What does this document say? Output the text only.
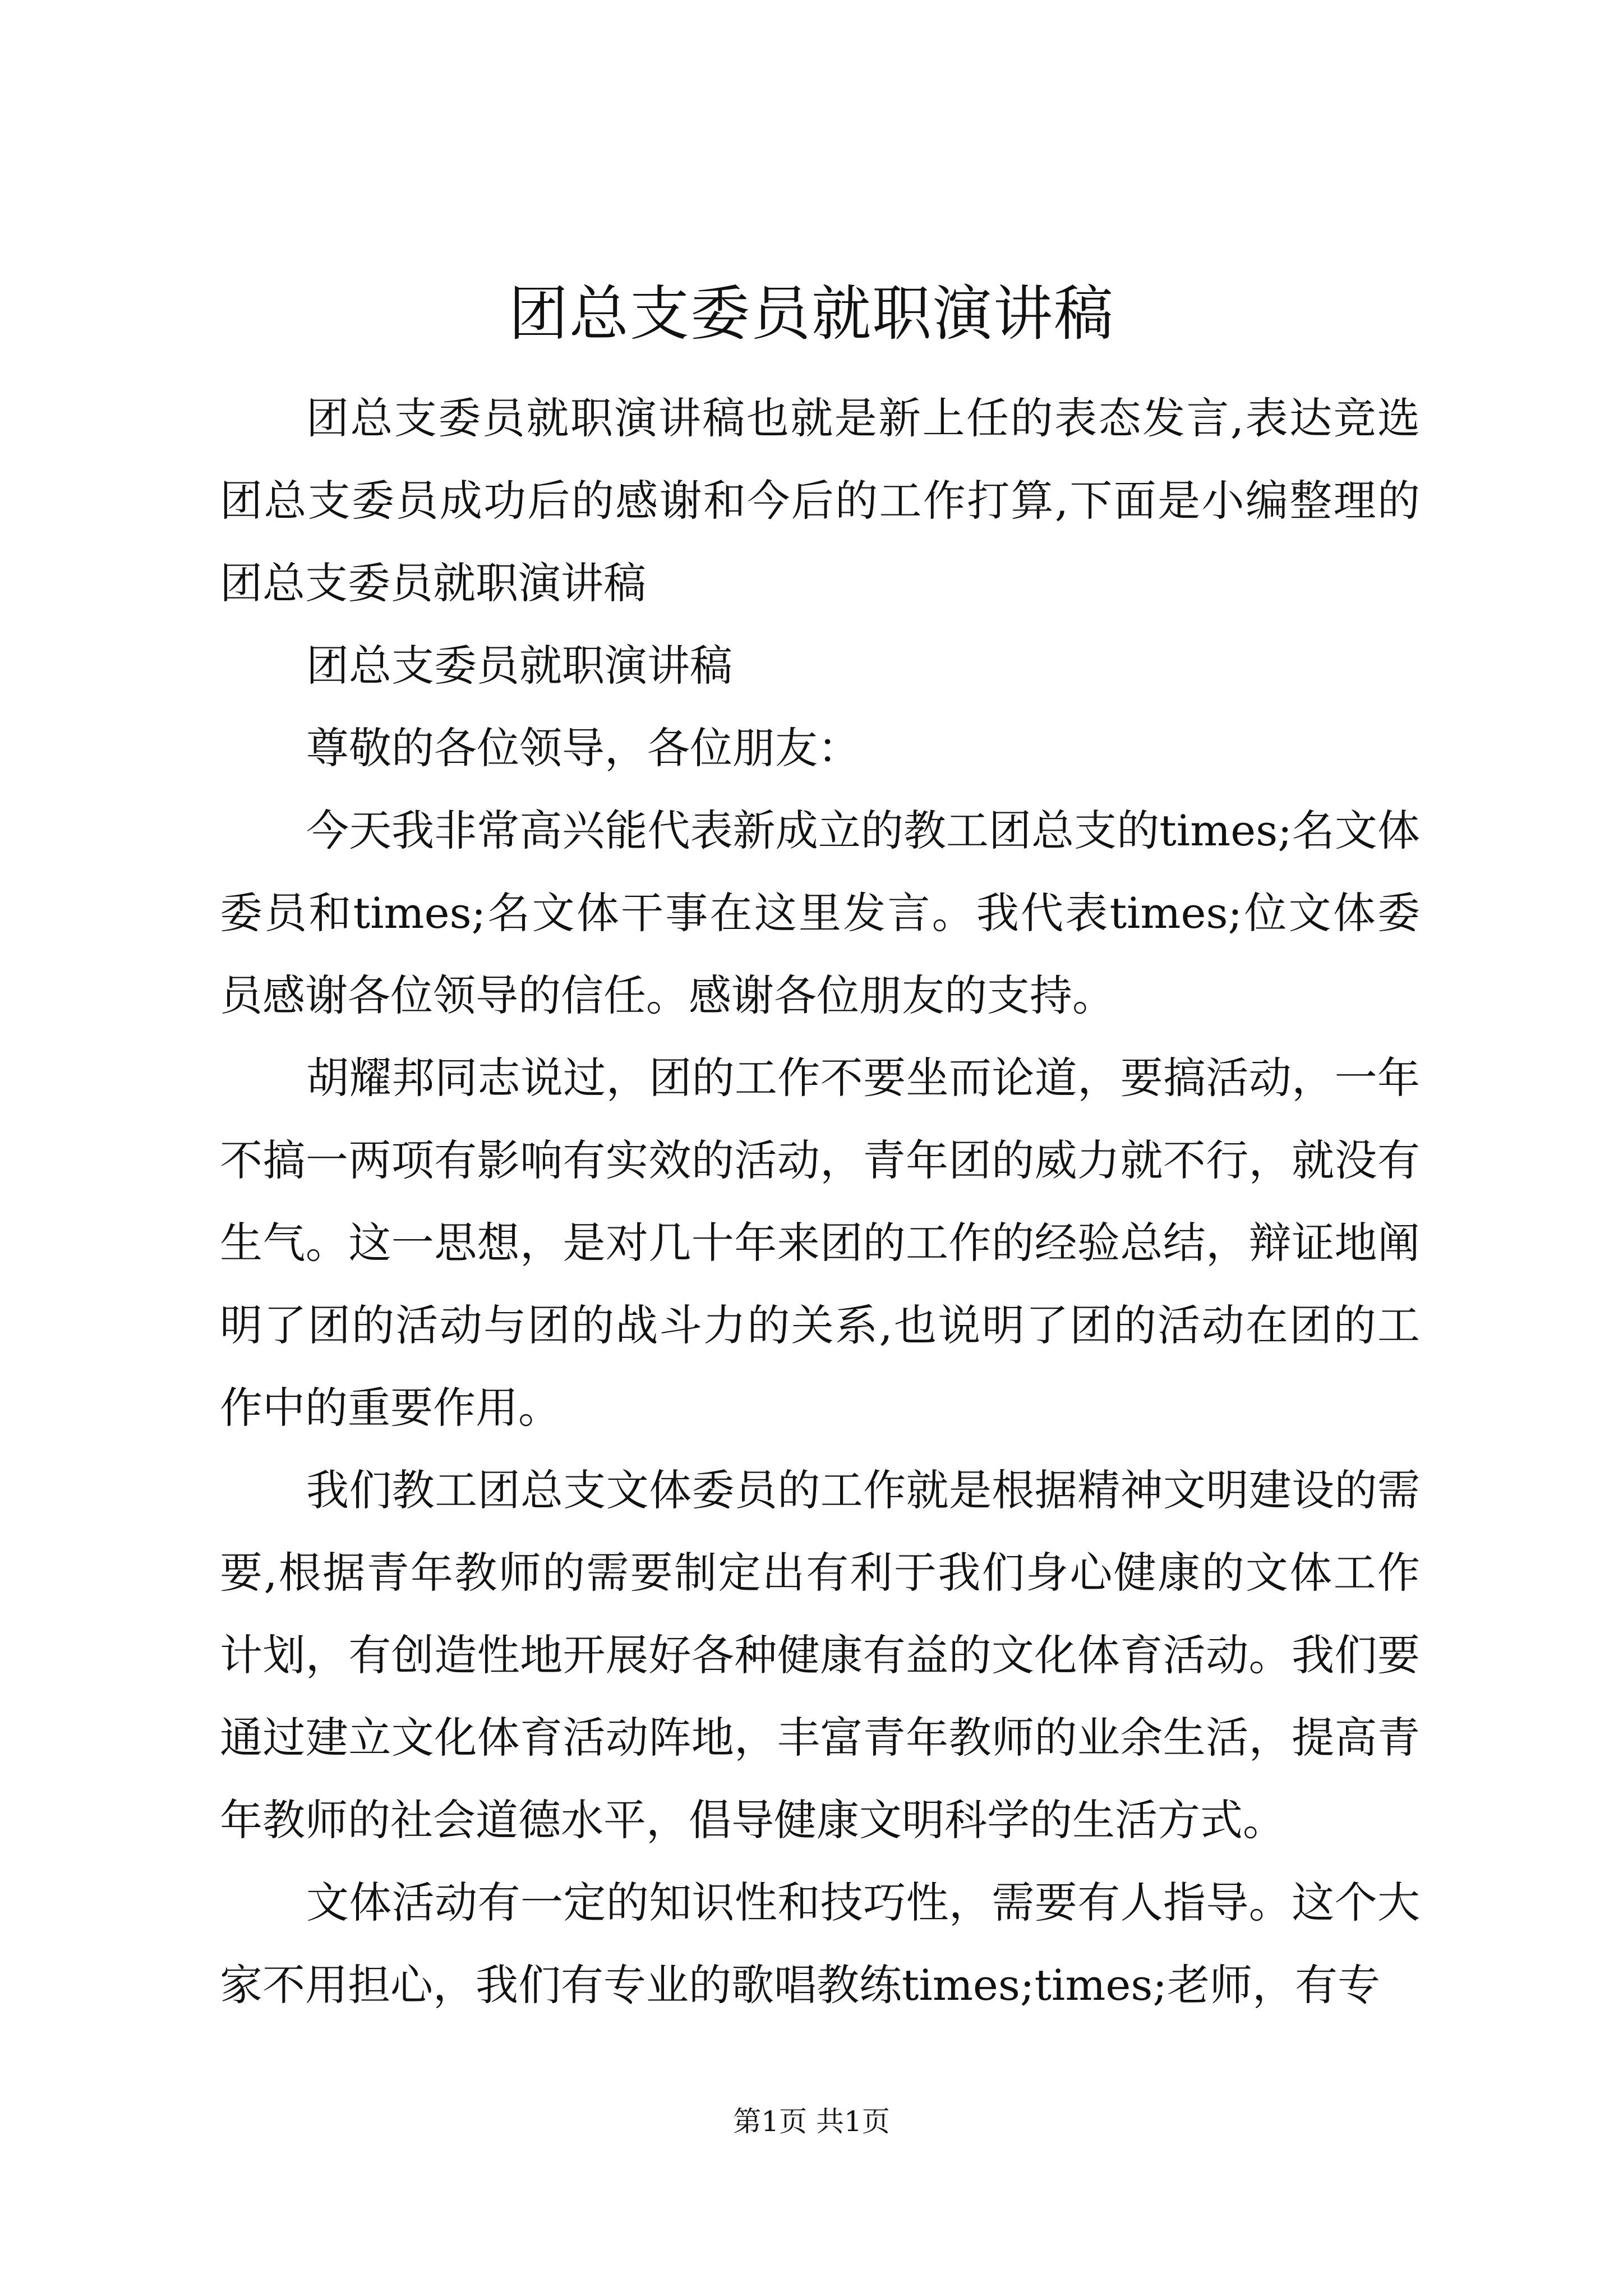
团总支委员就职演讲稿

团总支委员就职演讲稿也就是新上任的表态发言,表达竞选团总支委员成功后的感谢和今后的工作打算,下面是小编整理的团总支委员就职演讲稿

团总支委员就职演讲稿

尊敬的各位领导，各位朋友：

今天我非常高兴能代表新成立的教工团总支的times;名文体委员和times;名文体干事在这里发言。我代表times;位文体委员感谢各位领导的信任。感谢各位朋友的支持。

胡耀邦同志说过，团的工作不要坐而论道，要搞活动，一年不搞一两项有影响有实效的活动，青年团的威力就不行，就没有生气。这一思想，是对几十年来团的工作的经验总结，辩证地阐明了团的活动与团的战斗力的关系,也说明了团的活动在团的工作中的重要作用。

我们教工团总支文体委员的工作就是根据精神文明建设的需要,根据青年教师的需要制定出有利于我们身心健康的文体工作计划，有创造性地开展好各种健康有益的文化体育活动。我们要通过建立文化体育活动阵地，丰富青年教师的业余生活，提高青年教师的社会道德水平，倡导健康文明科学的生活方式。

文体活动有一定的知识性和技巧性，需要有人指导。这个大家不用担心，我们有专业的歌唱教练times;times;老师，有专

第1页 共1页
